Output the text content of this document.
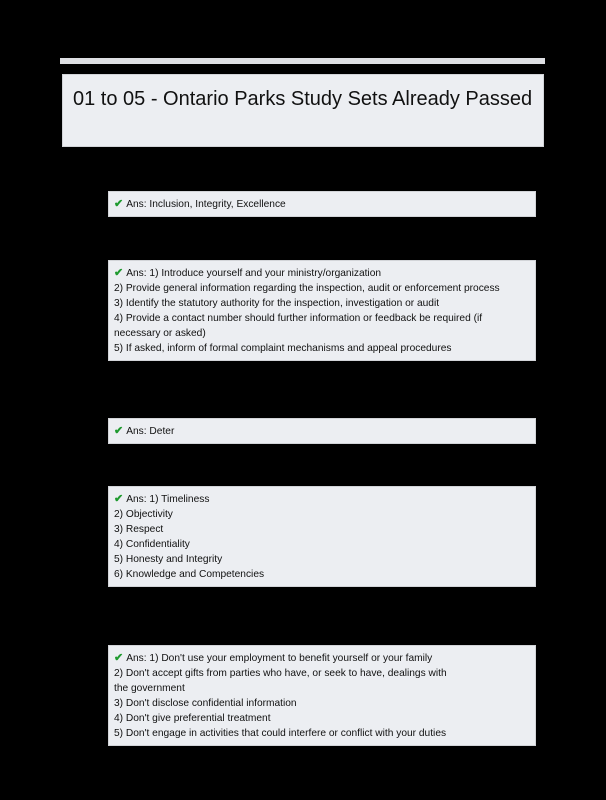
01 to 05 - Ontario Parks Study Sets Already Passed
✔ Ans: Inclusion, Integrity, Excellence
✔ Ans: 1) Introduce yourself and your ministry/organization
2) Provide general information regarding the inspection, audit or enforcement process
3) Identify the statutory authority for the inspection, investigation or audit
4) Provide a contact number should further information or feedback be required (if
necessary or asked)
5) If asked, inform of formal complaint mechanisms and appeal procedures
✔ Ans: Deter
✔ Ans: 1) Timeliness
2) Objectivity
3) Respect
4) Confidentiality
5) Honesty and Integrity
6) Knowledge and Competencies
✔ Ans: 1) Don't use your employment to benefit yourself or your family
2) Don't accept gifts from parties who have, or seek to have, dealings with
the government
3) Don't disclose confidential information
4) Don't give preferential treatment
5) Don't engage in activities that could interfere or conflict with your duties
